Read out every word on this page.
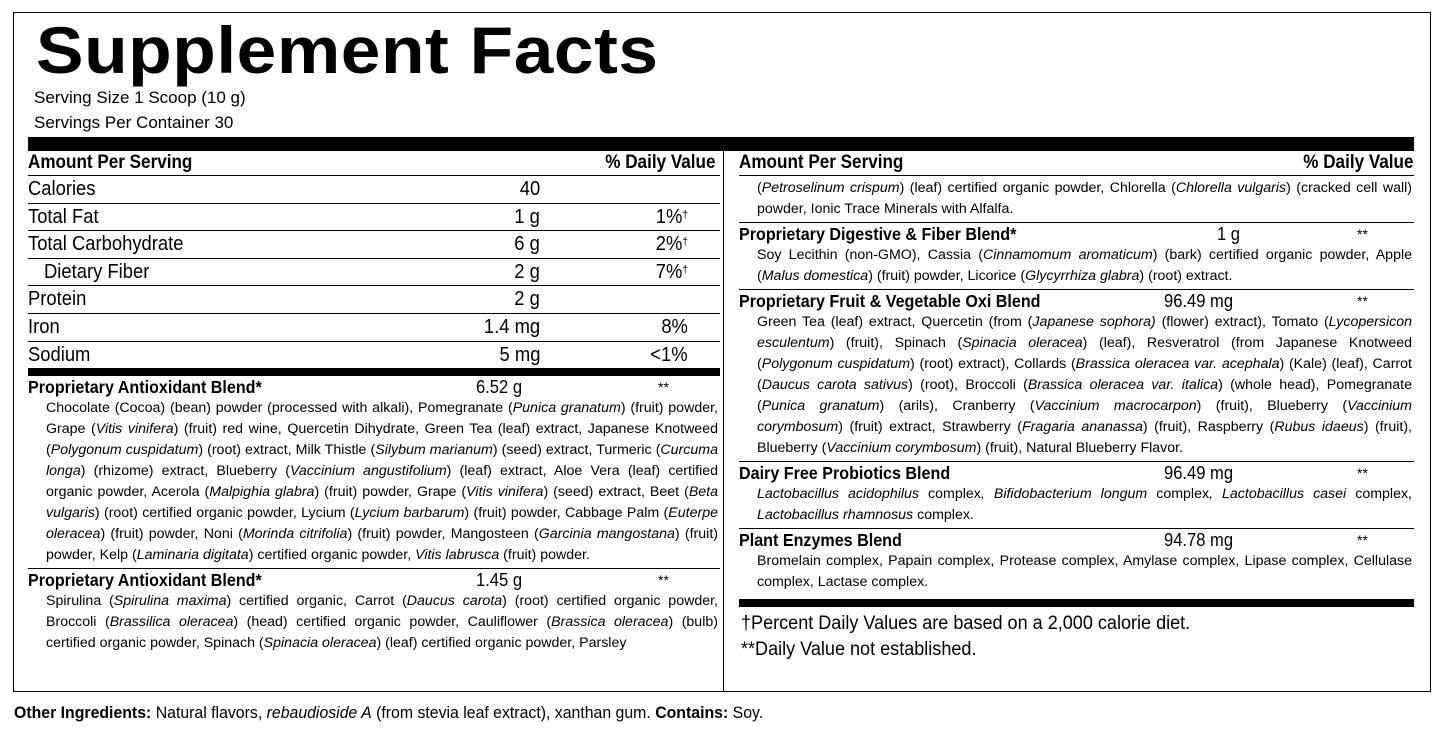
Supplement Facts
Serving Size 1 Scoop (10 g)
Servings Per Container 30
Amount Per Serving	% Daily Value
Calories	40
Total Fat	1 g	1%†
Total Carbohydrate	6 g	2%†
Dietary Fiber	2 g	7%†
Protein	2 g
Iron	1.4 mg	8%
Sodium	5 mg	<1%
Proprietary Antioxidant Blend*	6.52 g	**
Chocolate (Cocoa) (bean) powder (processed with alkali), Pomegranate (Punica granatum) (fruit) powder, Grape (Vitis vinifera) (fruit) red wine, Quercetin Dihydrate, Green Tea (leaf) extract, Japanese Knotweed (Polygonum cuspidatum) (root) extract, Milk Thistle (Silybum marianum) (seed) extract, Turmeric (Curcuma longa) (rhizome) extract, Blueberry (Vaccinium angustifolium) (leaf) extract, Aloe Vera (leaf) certified organic powder, Acerola (Malpighia glabra) (fruit) powder, Grape (Vitis vinifera) (seed) extract, Beet (Beta vulgaris) (root) certified organic powder, Lycium (Lycium barbarum) (fruit) powder, Cabbage Palm (Euterpe oleracea) (fruit) powder, Noni (Morinda citrifolia) (fruit) powder, Mangosteen (Garcinia mangostana) (fruit) powder, Kelp (Laminaria digitata) certified organic powder, Vitis labrusca (fruit) powder.
Proprietary Antioxidant Blend*	1.45 g	**
Spirulina (Spirulina maxima) certified organic, Carrot (Daucus carota) (root) certified organic powder, Broccoli (Brassilica oleracea) (head) certified organic powder, Cauliflower (Brassica oleracea) (bulb) certified organic powder, Spinach (Spinacia oleracea) (leaf) certified organic powder, Parsley
Amount Per Serving	% Daily Value
(Petroselinum crispum) (leaf) certified organic powder, Chlorella (Chlorella vulgaris) (cracked cell wall) powder, Ionic Trace Minerals with Alfalfa.
Proprietary Digestive & Fiber Blend*	1 g	**
Soy Lecithin (non-GMO), Cassia (Cinnamomum aromaticum) (bark) certified organic powder, Apple (Malus domestica) (fruit) powder, Licorice (Glycyrrhiza glabra) (root) extract.
Proprietary Fruit & Vegetable Oxi Blend	96.49 mg	**
Green Tea (leaf) extract, Quercetin (from (Japanese sophora) (flower) extract), Tomato (Lycopersicon esculentum) (fruit), Spinach (Spinacia oleracea) (leaf), Resveratrol (from Japanese Knotweed (Polygonum cuspidatum) (root) extract), Collards (Brassica oleracea var. acephala) (Kale) (leaf), Carrot (Daucus carota sativus) (root), Broccoli (Brassica oleracea var. italica) (whole head), Pomegranate (Punica granatum) (arils), Cranberry (Vaccinium macrocarpon) (fruit), Blueberry (Vaccinium corymbosum) (fruit) extract, Strawberry (Fragaria ananassa) (fruit), Raspberry (Rubus idaeus) (fruit), Blueberry (Vaccinium corymbosum) (fruit), Natural Blueberry Flavor.
Dairy Free Probiotics Blend	96.49 mg	**
Lactobacillus acidophilus complex, Bifidobacterium longum complex, Lactobacillus casei complex, Lactobacillus rhamnosus complex.
Plant Enzymes Blend	94.78 mg	**
Bromelain complex, Papain complex, Protease complex, Amylase complex, Lipase complex, Cellulase complex, Lactase complex.
†Percent Daily Values are based on a 2,000 calorie diet.
**Daily Value not established.
Other Ingredients: Natural flavors, rebaudioside A (from stevia leaf extract), xanthan gum. Contains: Soy.
